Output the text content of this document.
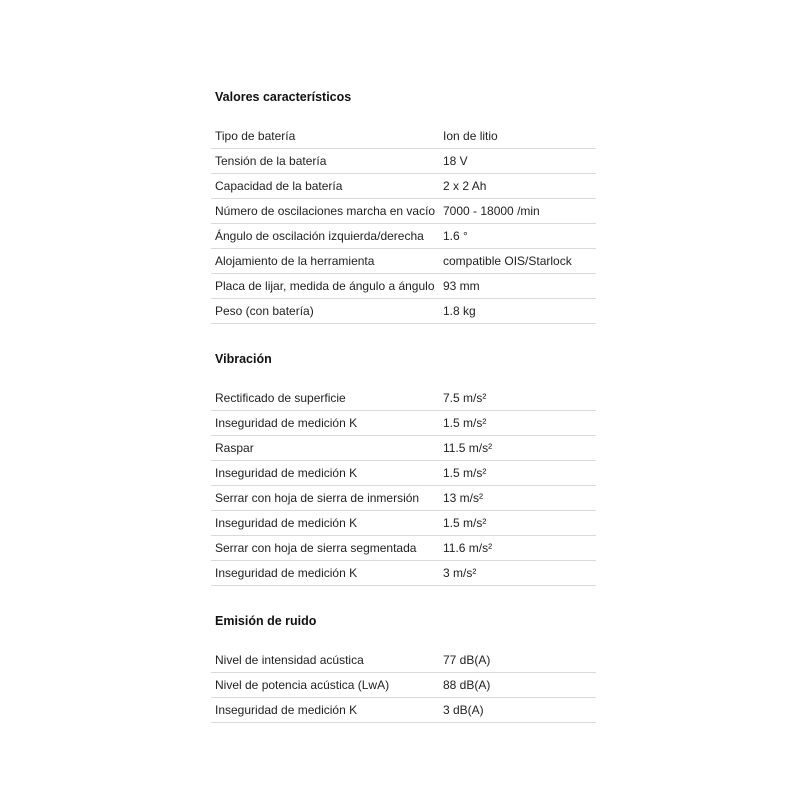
Valores característicos
Tipo de batería	Ion de litio
Tensión de la batería	18 V
Capacidad de la batería	2 x 2 Ah
Número de oscilaciones marcha en vacío 7000 - 18000 /min
Ángulo de oscilación izquierda/derecha	1.6 °
Alojamiento de la herramienta	compatible OIS/Starlock
Placa de lijar, medida de ángulo a ángulo 93 mm
Peso (con batería)	1.8 kg
Vibración
Rectificado de superficie	7.5 m/s²
Inseguridad de medición K	1.5 m/s²
Raspar	11.5 m/s²
Inseguridad de medición K	1.5 m/s²
Serrar con hoja de sierra de inmersión	13 m/s²
Inseguridad de medición K	1.5 m/s²
Serrar con hoja de sierra segmentada	11.6 m/s²
Inseguridad de medición K	3 m/s²
Emisión de ruido
Nivel de intensidad acústica	77 dB(A)
Nivel de potencia acústica (LwA)	88 dB(A)
Inseguridad de medición K	3 dB(A)
